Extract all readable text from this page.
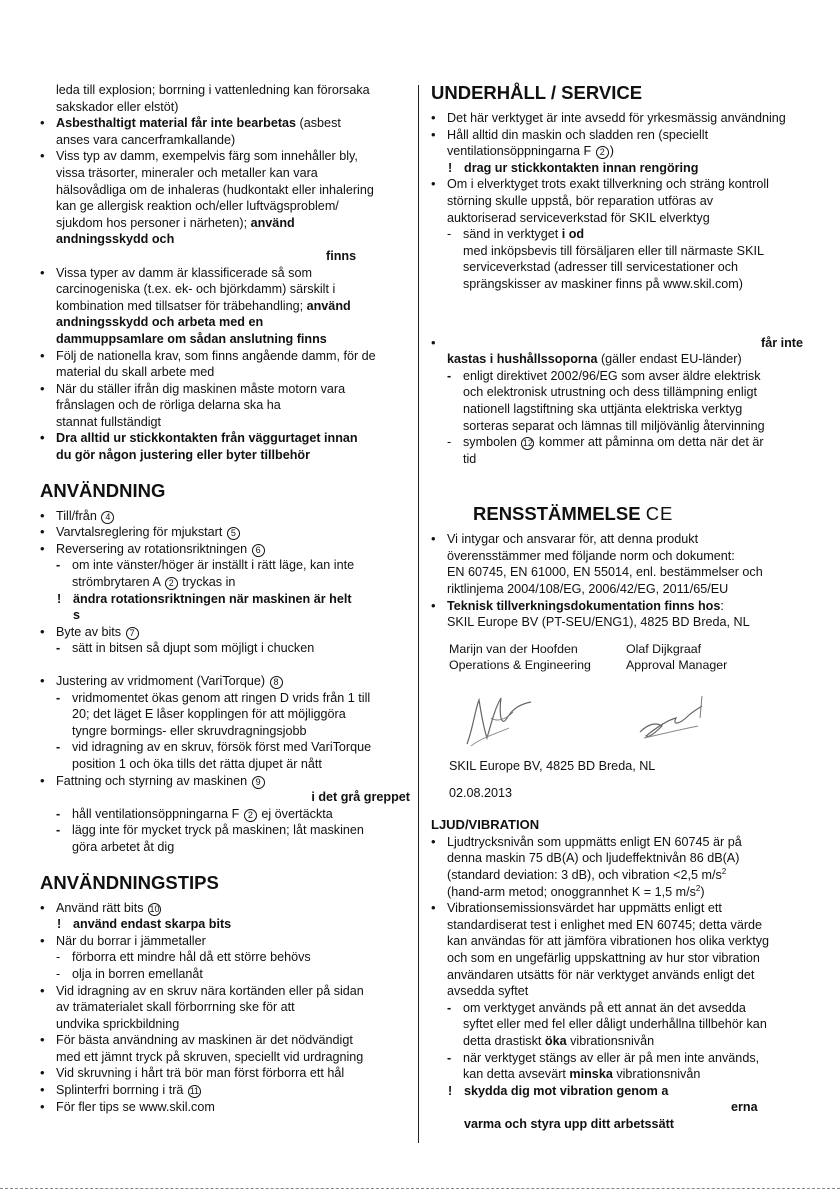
leda till explosion; borrning i vattenledning kan förorsaka
sakskador eller elstöt)
• Asbesthaltigt material får inte bearbetas (asbest
anses vara cancerframkallande)
• Viss typ av damm, exempelvis färg som innehåller bly,
vissa träsorter, mineraler och metaller kan vara
hälsovådliga om de inhaleras (hudkontakt eller inhalering
kan ge allergisk reaktion och/eller luftvägsproblem/
sjukdom hos personer i närheten); använd
andningsskydd och
finns
• Vissa typer av damm är klassificerade så som
carcinogeniska (t.ex. ek- och björkdamm) särskilt i
kombination med tillsatser för träbehandling; använd
andningsskydd och arbeta med en
dammuppsamlare om sådan anslutning finns
• Följ de nationella krav, som finns angående damm, för de
material du skall arbete med
• När du ställer ifrån dig maskinen måste motorn vara
frånslagen och de rörliga delarna ska ha
stannat fullständigt
• Dra alltid ur stickkontakten från väggurtaget innan
du gör någon justering eller byter tillbehör
ANVÄNDNING
• Till/från 4
• Varvtalsreglering för mjukstart 5
• Reversering av rotationsriktningen 6
- om inte vänster/höger är inställt i rätt läge, kan inte
strömbrytaren A 2 tryckas in
! ändra rotationsriktningen när maskinen är helt
s
• Byte av bits 7
- sätt in bitsen så djupt som möjligt i chucken
• Justering av vridmoment (VariTorque) 8
- vridmomentet ökas genom att ringen D vrids från 1 till
20; det läget E låser kopplingen för att möjliggöra
tyngre bormings- eller skruvdragningsjobb
- vid idragning av en skruv, försök först med VariTorque
position 1 och öka tills det rätta djupet är nått
• Fattning och styrning av maskinen 9
i det grå greppet
- håll ventilationsöppningarna F 2 ej övertäckta
- lägg inte för mycket tryck på maskinen; låt maskinen
göra arbetet åt dig
ANVÄNDNINGSTIPS
• Använd rätt bits 10
! använd endast skarpa bits
• När du borrar i jämmetaller
- förborra ett mindre hål då ett större behövs
- olja in borren emellanåt
• Vid idragning av en skruv nära kortänden eller på sidan
av trämaterialet skall förborrning ske för att
undvika sprickbildning
• För bästa användning av maskinen är det nödvändigt
med ett jämnt tryck på skruven, speciellt vid urdragning
• Vid skruvning i hårt trä bör man först förborra ett hål
• Splinterfri borrning i trä 11
• För fler tips se www.skil.com
UNDERHÅLL / SERVICE
• Det här verktyget är inte avsedd för yrkesmässig användning
• Håll alltid din maskin och sladden ren (speciellt
ventilationsöppningarna F 2 )
! drag ur stickkontakten innan rengöring
• Om i elverktyget trots exakt tillverkning och sträng kontroll
störning skulle uppstå, bör reparation utföras av
auktoriserad serviceverkstad för SKIL elverktyg
- sänd in verktyget i od
med inköpsbevis till försäljaren eller till närmaste SKIL
serviceverkstad (adresser till servicestationer och
sprängskisser av maskiner finns på www.skil.com)
• får inte

kastas i hushållssoporna (gäller endast EU-länder)
- enligt direktivet 2002/96/EG som avser äldre elektrisk
och elektronisk utrustning och dess tillämpning enligt
nationell lagstiftning ska uttjänta elektriska verktyg
sorteras separat och lämnas till miljövänlig återvinning
- symbolen 12 kommer att påminna om detta när det är
tid
RENSSTÄMMELSE CE
• Vi intygar och ansvarar för, att denna produkt
överensstämmer med följande norm och dokument:
EN 60745, EN 61000, EN 55014, enl. bestämmelser och
riktlinjema 2004/108/EG, 2006/42/EG, 2011/65/EU
• Teknisk tillverkningsdokumentation finns hos:
SKIL Europe BV (PT-SEU/ENG1), 4825 BD Breda, NL
Marijn van der Hoofden
Operations & Engineering
Olaf Dijkgraaf
Approval Manager
SKIL Europe BV, 4825 BD Breda, NL
02.08.2013
LJUD/VIBRATION
• Ljudtrycksnivån som uppmätts enligt EN 60745 är på
denna maskin 75 dB(A) och ljudeffektnivån 86 dB(A)
(standard deviation: 3 dB), och vibration <2,5 $m/s^2$
(hand-arm metod; onoggrannhet K = 1,5 $m/s^2$)
• Vibrationsemissionsvärdet har uppmätts enligt ett
standardiserat test i enlighet med EN 60745; detta värde
kan användas för att jämföra vibrationen hos olika verktyg
och som en ungefärlig uppskattning av hur stor vibration
användaren utsätts för när verktyget används enligt det
avsedda syftet
- om verktyget används på ett annat än det avsedda
syftet eller med fel eller dåligt underhållna tillbehör kan
detta drastiskt öka vibrationsnivån
- när verktyget stängs av eller är på men inte används,
kan detta avsevärt minska vibrationsnivån
! skydda dig mot vibration genom a
erna
varma och styra upp ditt arbetssätt
